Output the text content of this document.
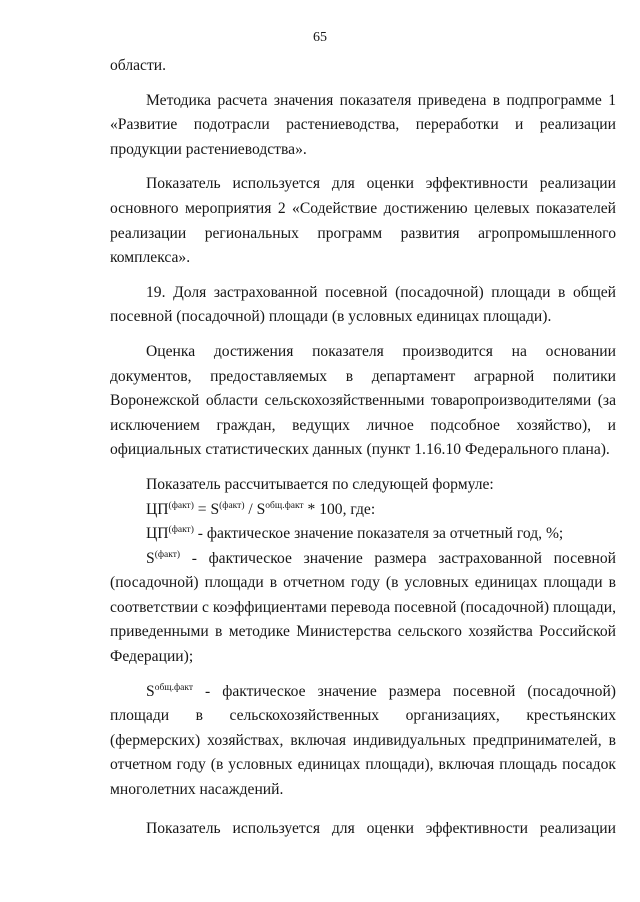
65

области.

Методика расчета значения показателя приведена в подпрограмме 1 «Развитие подотрасли растениеводства, переработки и реализации продукции растениеводства».

Показатель используется для оценки эффективности реализации основного мероприятия 2 «Содействие достижению целевых показателей реализации региональных программ развития агропромышленного комплекса».

19. Доля застрахованной посевной (посадочной) площади в общей посевной (посадочной) площади (в условных единицах площади).

Оценка достижения показателя производится на основании документов, предоставляемых в департамент аграрной политики Воронежской области сельскохозяйственными товаропроизводителями (за исключением граждан, ведущих личное подсобное хозяйство), и официальных статистических данных (пункт 1.16.10 Федерального плана).

Показатель рассчитывается по следующей формуле:

$ЦП^{(факт)} = S^{(факт)} / S^{общ.факт} * 100$, где:

$ЦП^{(факт)}$ - фактическое значение показателя за отчетный год, %;

$S^{(факт)}$ - фактическое значение размера застрахованной посевной (посадочной) площади в отчетном году (в условных единицах площади в соответствии с коэффициентами перевода посевной (посадочной) площади, приведенными в методике Министерства сельского хозяйства Российской Федерации);

$S^{общ.факт}$ - фактическое значение размера посевной (посадочной) площади в сельскохозяйственных организациях, крестьянских (фермерских) хозяйствах, включая индивидуальных предпринимателей, в отчетном году (в условных единицах площади), включая площадь посадок многолетних насаждений.

Показатель используется для оценки эффективности реализации
